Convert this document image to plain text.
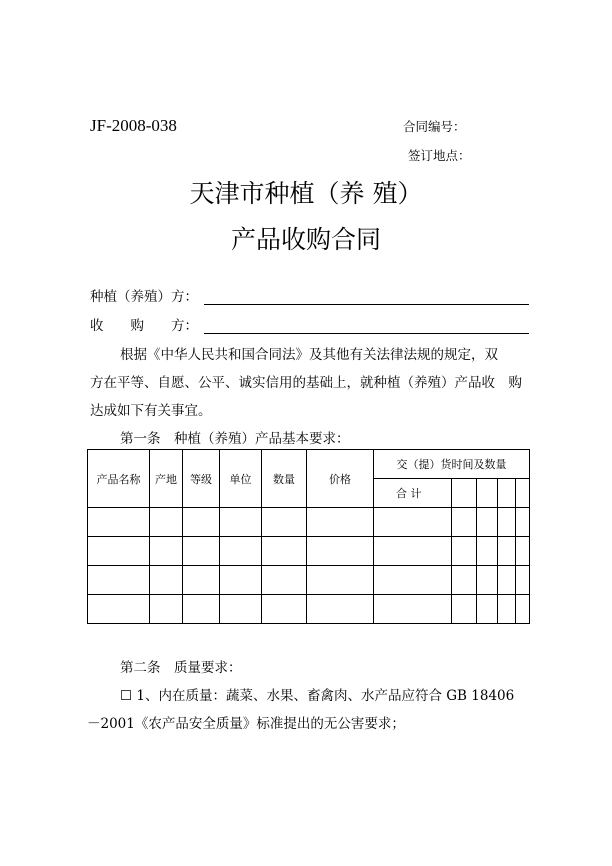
JF-2008-038	合同编号：
签订地点：
天津市种植（养 殖）
产品收购合同
种植（养殖）方：
收　　购　　方：
根据《中华人民共和国合同法》及其他有关法律法规的规定，双
方在平等、自愿、公平、诚实信用的基础上，就种植（养殖）产品收　购
达成如下有关事宜。
第一条　种植（养殖）产品基本要求：
产品名称	产地	等级	单位	数量	价格	交（提）货时间及数量				
						合 计				

第二条　质量要求：
☐ 1、内在质量：蔬菜、水果、畜禽肉、水产品应符合 GB 18406
－2001《农产品安全质量》标准提出的无公害要求；
